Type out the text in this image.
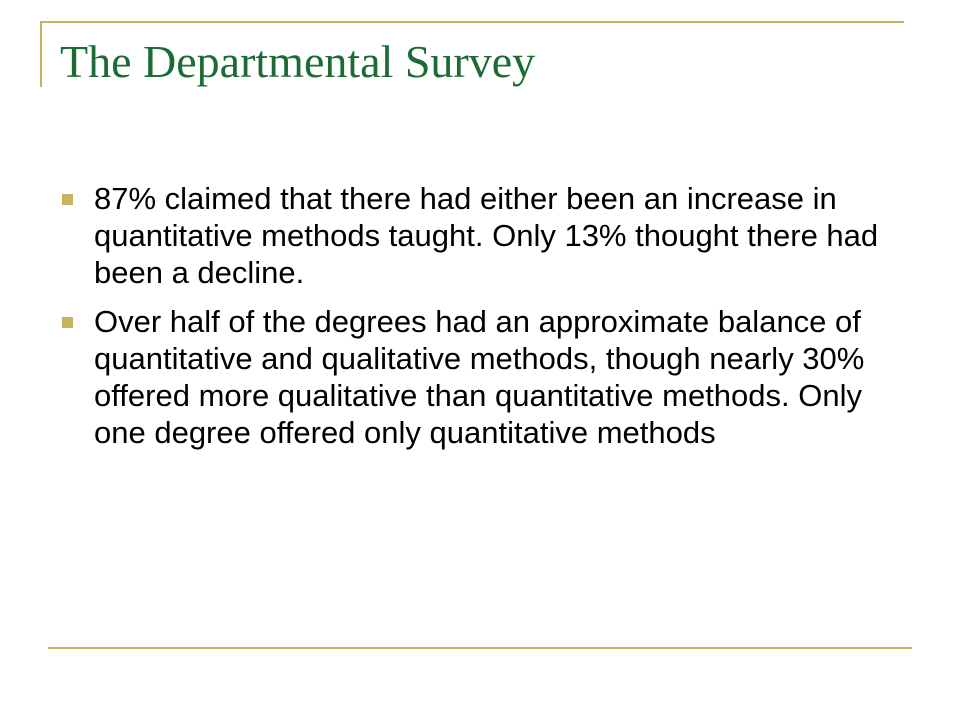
The Departmental Survey
87% claimed that there had either been an increase in quantitative methods taught. Only 13% thought there had been a decline.
Over half of the degrees had an approximate balance of quantitative and qualitative methods, though nearly 30% offered more qualitative than quantitative methods. Only one degree offered only quantitative methods
